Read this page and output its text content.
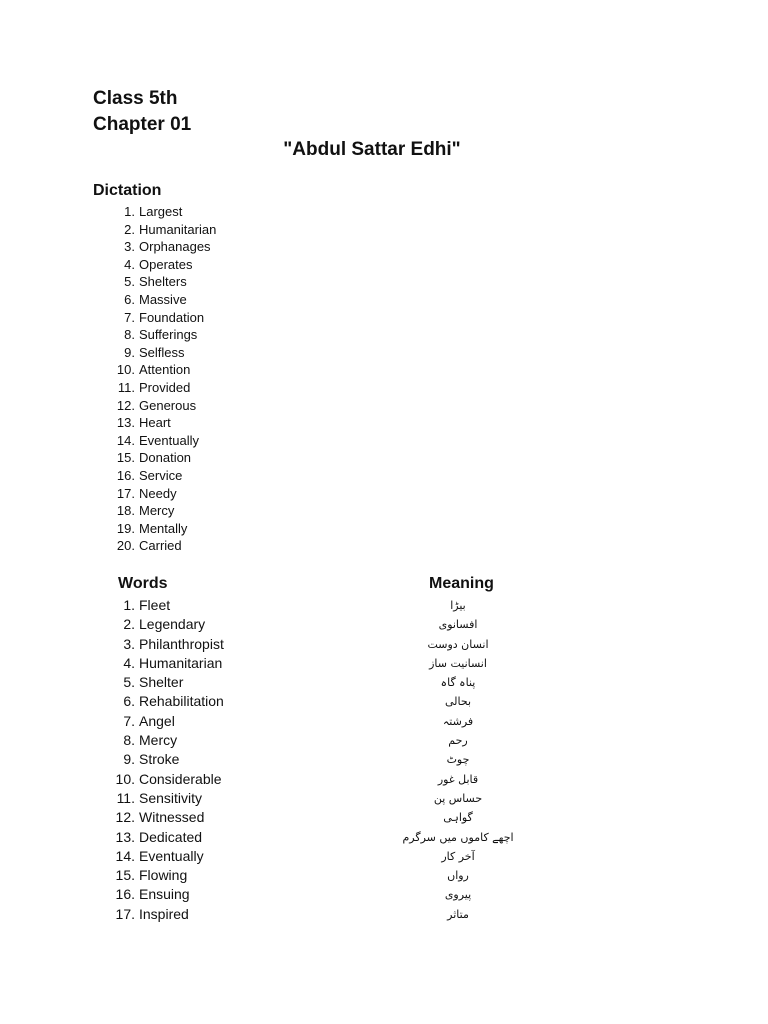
Class 5th
Chapter 01
"Abdul Sattar Edhi"
Dictation
1. Largest
2. Humanitarian
3. Orphanages
4. Operates
5. Shelters
6. Massive
7. Foundation
8. Sufferings
9. Selfless
10. Attention
11. Provided
12. Generous
13. Heart
14. Eventually
15. Donation
16. Service
17. Needy
18. Mercy
19. Mentally
20. Carried
Words	Meaning
1. Fleet	بیڑا
2. Legendary	افسانوی
3. Philanthropist	انسان دوست
4. Humanitarian	انسانیت ساز
5. Shelter	پناہ گاہ
6. Rehabilitation	بحالی
7. Angel	فرشتہ
8. Mercy	رحم
9. Stroke	چوٹ
10. Considerable	قابل غور
11. Sensitivity	حساس پن
12. Witnessed	گواہی
13. Dedicated	اچھے کاموں میں سرگرم
14. Eventually	آخر کار
15. Flowing	رواں
16. Ensuing	پیروی
17. Inspired	متاثر
